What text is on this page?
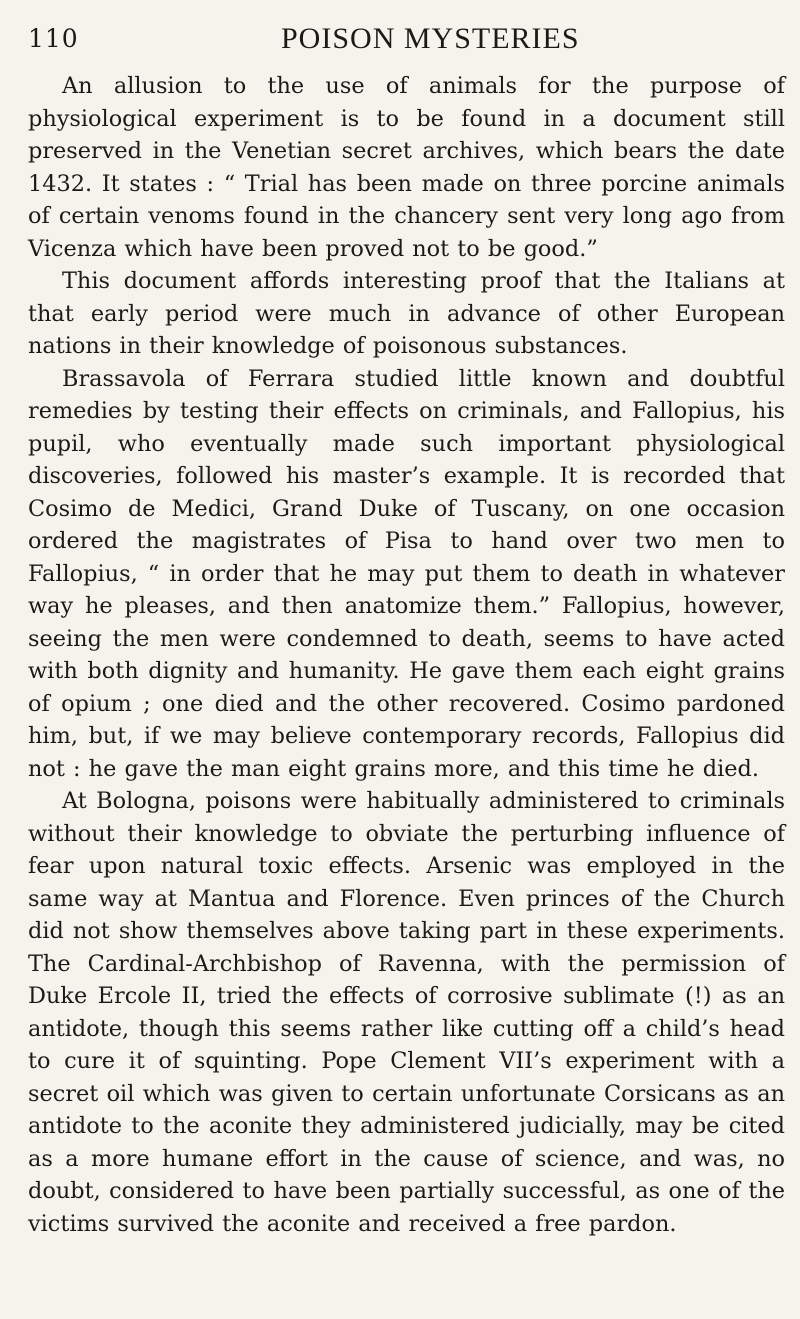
110	POISON MYSTERIES

An allusion to the use of animals for the purpose of physiological experiment is to be found in a document still preserved in the Venetian secret archives, which bears the date 1432. It states : “ Trial has been made on three porcine animals of certain venoms found in the chancery sent very long ago from Vicenza which have been proved not to be good.”

This document affords interesting proof that the Italians at that early period were much in advance of other European nations in their knowledge of poisonous substances.

Brassavola of Ferrara studied little known and doubtful remedies by testing their effects on criminals, and Fallopius, his pupil, who eventually made such important physiological discoveries, followed his master’s example. It is recorded that Cosimo de Medici, Grand Duke of Tuscany, on one occasion ordered the magistrates of Pisa to hand over two men to Fallopius, “ in order that he may put them to death in whatever way he pleases, and then anatomize them.” Fallopius, however, seeing the men were condemned to death, seems to have acted with both dignity and humanity. He gave them each eight grains of opium ; one died and the other recovered. Cosimo pardoned him, but, if we may believe contemporary records, Fallopius did not : he gave the man eight grains more, and this time he died.

At Bologna, poisons were habitually administered to criminals without their knowledge to obviate the perturbing influence of fear upon natural toxic effects. Arsenic was employed in the same way at Mantua and Florence. Even princes of the Church did not show themselves above taking part in these experiments. The Cardinal-Archbishop of Ravenna, with the permission of Duke Ercole II, tried the effects of corrosive sublimate (!) as an antidote, though this seems rather like cutting off a child’s head to cure it of squinting. Pope Clement VII’s experiment with a secret oil which was given to certain unfortunate Corsicans as an antidote to the aconite they administered judicially, may be cited as a more humane effort in the cause of science, and was, no doubt, considered to have been partially successful, as one of the victims survived the aconite and received a free pardon.
